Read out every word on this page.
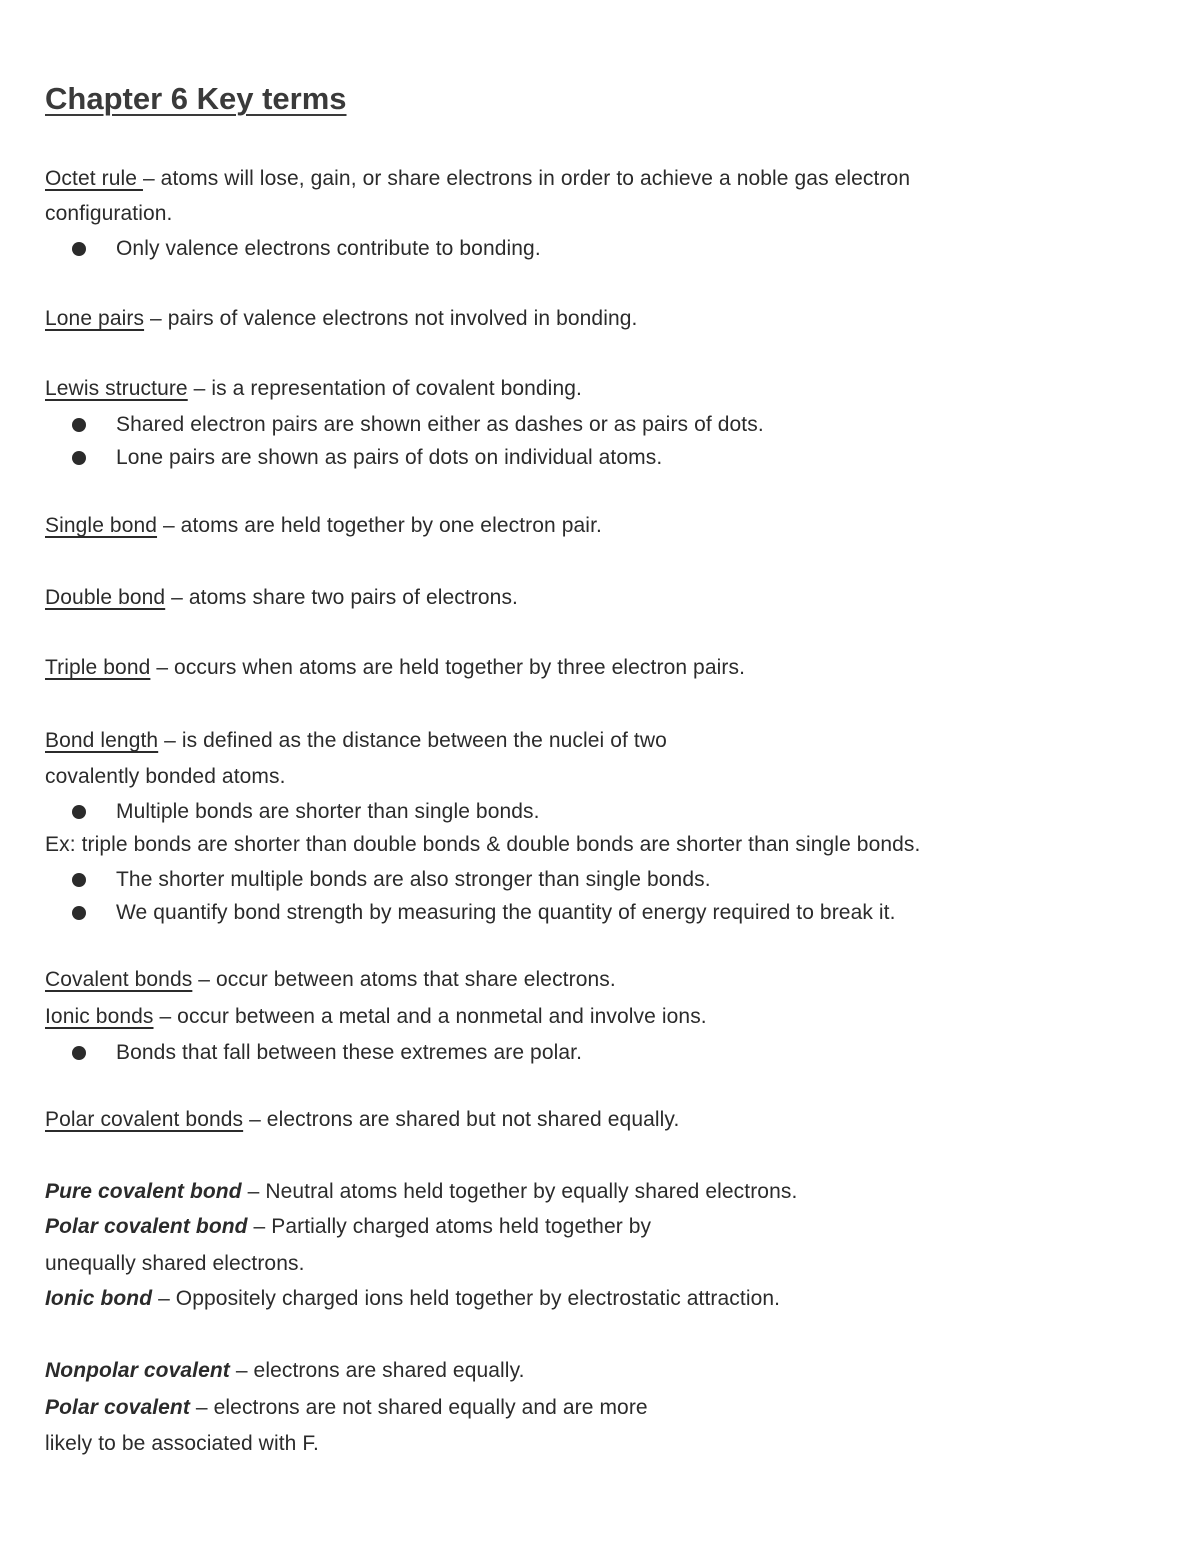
Chapter 6 Key terms
Octet rule – atoms will lose, gain, or share electrons in order to achieve a noble gas electron
configuration.
Only valence electrons contribute to bonding.
Lone pairs – pairs of valence electrons not involved in bonding.
Lewis structure – is a representation of covalent bonding.
Shared electron pairs are shown either as dashes or as pairs of dots.
Lone pairs are shown as pairs of dots on individual atoms.
Single bond – atoms are held together by one electron pair.
Double bond – atoms share two pairs of electrons.
Triple bond – occurs when atoms are held together by three electron pairs.
Bond length – is defined as the distance between the nuclei of two
covalently bonded atoms.
Multiple bonds are shorter than single bonds.
Ex: triple bonds are shorter than double bonds & double bonds are shorter than single bonds.
The shorter multiple bonds are also stronger than single bonds.
We quantify bond strength by measuring the quantity of energy required to break it.
Covalent bonds – occur between atoms that share electrons.
Ionic bonds – occur between a metal and a nonmetal and involve ions.
Bonds that fall between these extremes are polar.
Polar covalent bonds – electrons are shared but not shared equally.
Pure covalent bond – Neutral atoms held together by equally shared electrons.
Polar covalent bond – Partially charged atoms held together by
unequally shared electrons.
Ionic bond – Oppositely charged ions held together by electrostatic attraction.
Nonpolar covalent – electrons are shared equally.
Polar covalent – electrons are not shared equally and are more
likely to be associated with F.
